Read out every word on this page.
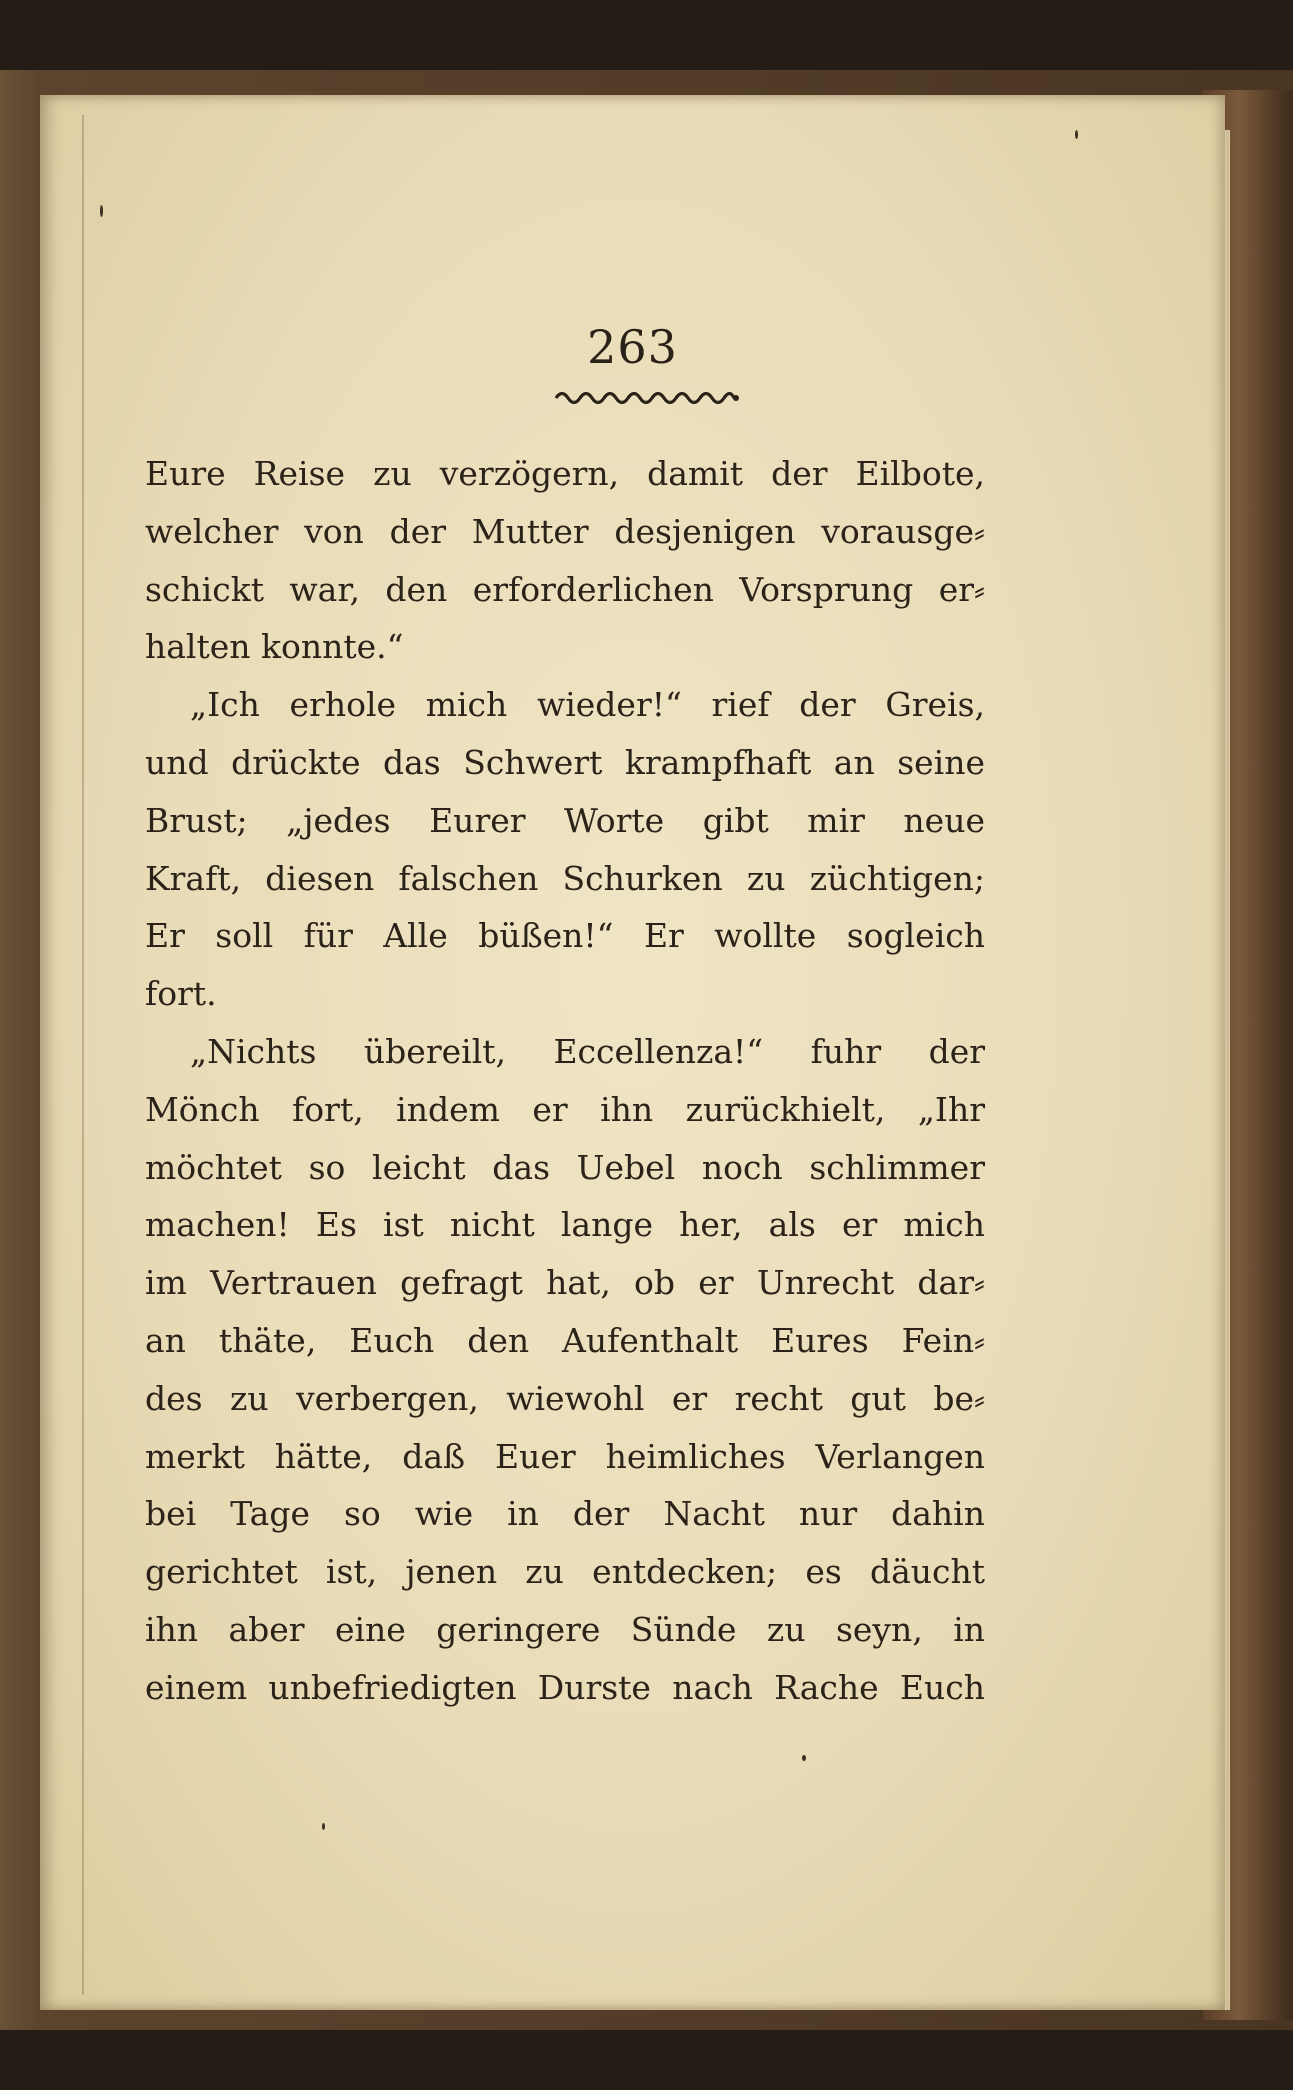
263
Eure Reise zu verzögern, damit der Eilbote,
welcher von der Mutter desjenigen vorausge⸗
schickt war, den erforderlichen Vorsprung er⸗
halten konnte.“
„Ich erhole mich wieder!“ rief der Greis,
und drückte das Schwert krampfhaft an seine
Brust; „jedes Eurer Worte gibt mir neue
Kraft, diesen falschen Schurken zu züchtigen;
Er soll für Alle büßen!“ Er wollte sogleich
fort.
„Nichts übereilt, Eccellenza!“ fuhr der
Mönch fort, indem er ihn zurückhielt, „Ihr
möchtet so leicht das Uebel noch schlimmer
machen! Es ist nicht lange her, als er mich
im Vertrauen gefragt hat, ob er Unrecht dar⸗
an thäte, Euch den Aufenthalt Eures Fein⸗
des zu verbergen, wiewohl er recht gut be⸗
merkt hätte, daß Euer heimliches Verlangen
bei Tage so wie in der Nacht nur dahin
gerichtet ist, jenen zu entdecken; es däucht
ihn aber eine geringere Sünde zu seyn, in
einem unbefriedigten Durste nach Rache Euch
